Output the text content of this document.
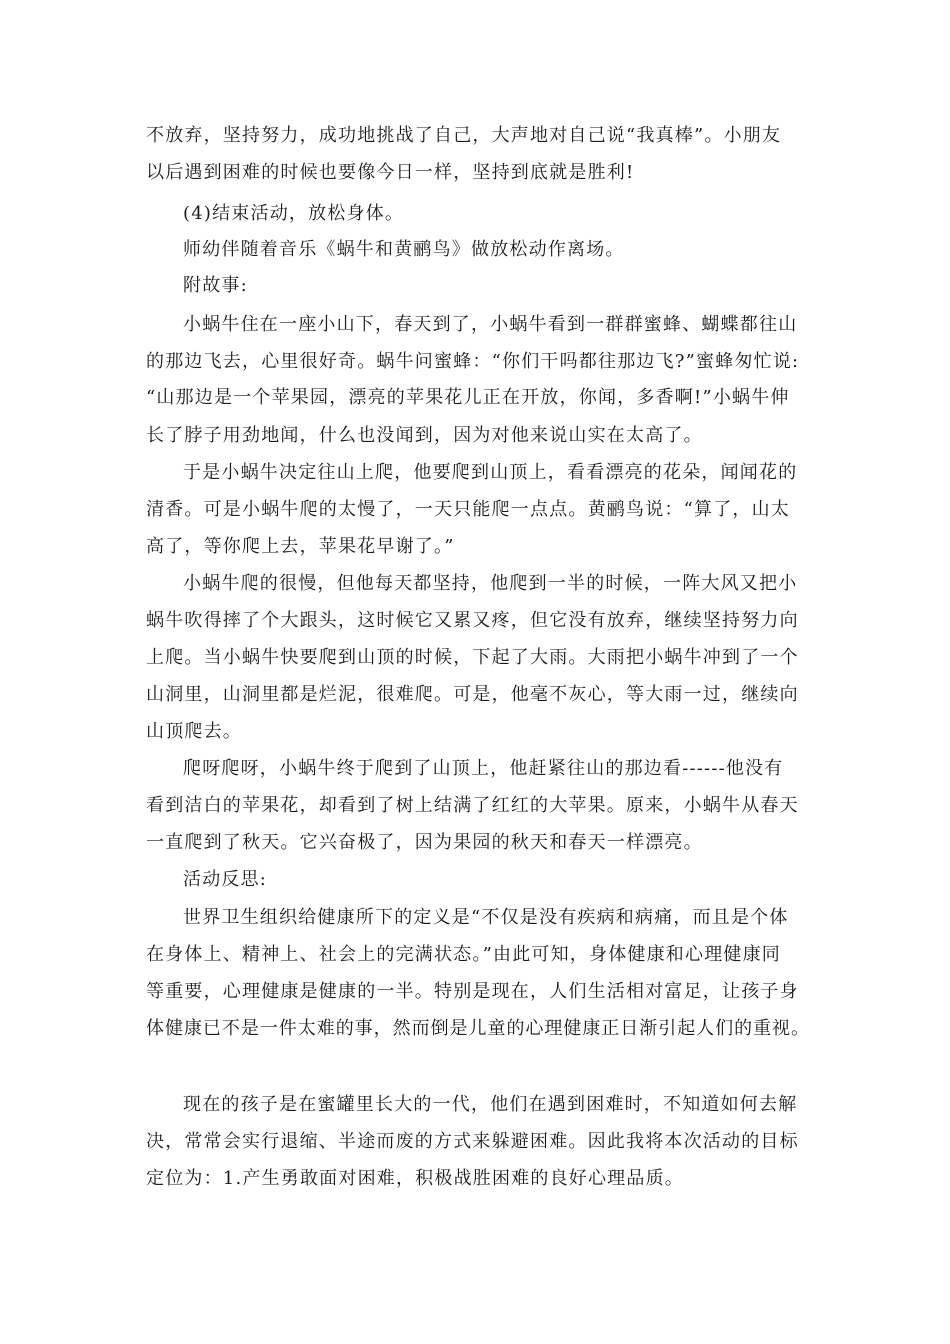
不放弃，坚持努力，成功地挑战了自己，大声地对自己说“我真棒”。小朋友
以后遇到困难的时候也要像今日一样，坚持到底就是胜利!
(4)结束活动，放松身体。
师幼伴随着音乐《蜗牛和黄鹂鸟》做放松动作离场。
附故事:
小蜗牛住在一座小山下，春天到了，小蜗牛看到一群群蜜蜂、蝴蝶都往山
的那边飞去，心里很好奇。蜗牛问蜜蜂：“你们干吗都往那边飞?”蜜蜂匆忙说:
“山那边是一个苹果园，漂亮的苹果花儿正在开放，你闻，多香啊!”小蜗牛伸
长了脖子用劲地闻，什么也没闻到，因为对他来说山实在太高了。
于是小蜗牛决定往山上爬，他要爬到山顶上，看看漂亮的花朵，闻闻花的
清香。可是小蜗牛爬的太慢了，一天只能爬一点点。黄鹂鸟说：“算了，山太
高了，等你爬上去，苹果花早谢了。”
小蜗牛爬的很慢，但他每天都坚持，他爬到一半的时候，一阵大风又把小
蜗牛吹得摔了个大跟头，这时候它又累又疼，但它没有放弃，继续坚持努力向
上爬。当小蜗牛快要爬到山顶的时候，下起了大雨。大雨把小蜗牛冲到了一个
山洞里，山洞里都是烂泥，很难爬。可是，他毫不灰心，等大雨一过，继续向
山顶爬去。
爬呀爬呀，小蜗牛终于爬到了山顶上，他赶紧往山的那边看------他没有
看到洁白的苹果花，却看到了树上结满了红红的大苹果。原来，小蜗牛从春天
一直爬到了秋天。它兴奋极了，因为果园的秋天和春天一样漂亮。
活动反思:
世界卫生组织给健康所下的定义是“不仅是没有疾病和病痛，而且是个体
在身体上、精神上、社会上的完满状态。”由此可知，身体健康和心理健康同
等重要，心理健康是健康的一半。特别是现在，人们生活相对富足，让孩子身
体健康已不是一件太难的事，然而倒是儿童的心理健康正日渐引起人们的重视。
现在的孩子是在蜜罐里长大的一代，他们在遇到困难时，不知道如何去解
决，常常会实行退缩、半途而废的方式来躲避困难。因此我将本次活动的目标
定位为：1.产生勇敢面对困难，积极战胜困难的良好心理品质。
